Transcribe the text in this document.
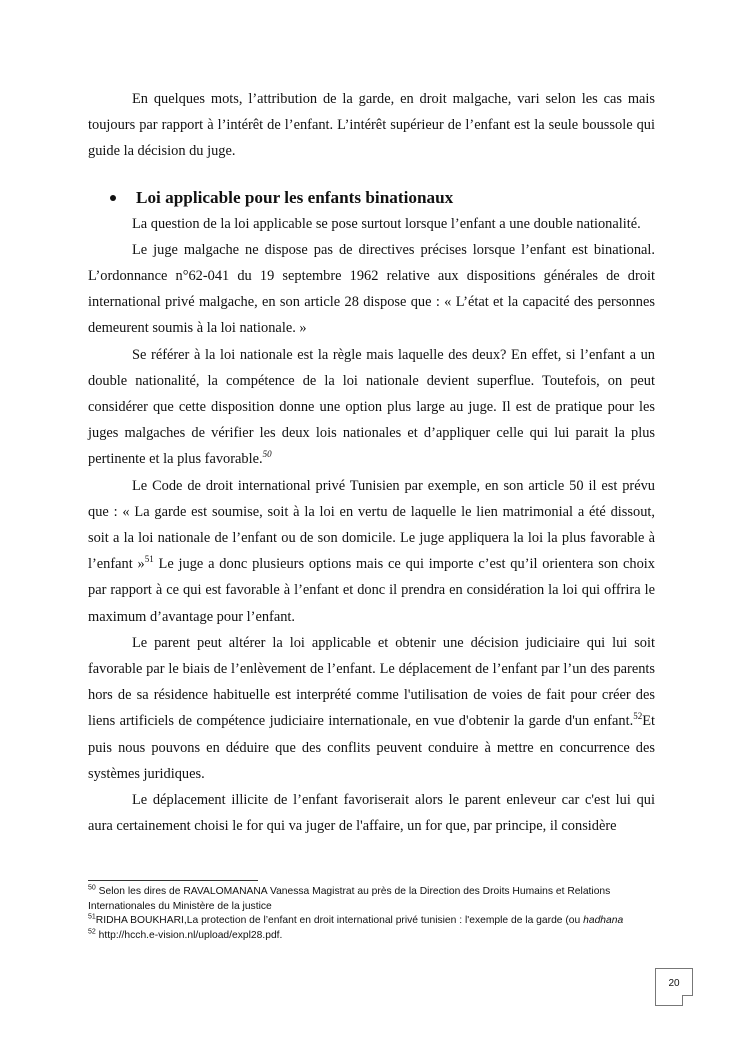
En quelques mots, l’attribution de la garde, en droit malgache, vari selon les cas mais toujours par rapport à l’intérêt de l’enfant. L’intérêt supérieur de l’enfant est la seule boussole qui guide la décision du juge.

Loi applicable pour les enfants binationaux

La question de la loi applicable se pose surtout lorsque l’enfant a une double nationalité.

Le juge malgache ne dispose pas de directives précises lorsque l’enfant est binational. L’ordonnance n°62-041 du 19 septembre 1962 relative aux dispositions générales de droit international privé malgache, en son article 28 dispose que : « L’état et la capacité des personnes demeurent soumis à la loi nationale. »

Se référer à la loi nationale est la règle mais laquelle des deux? En effet, si l’enfant a un double nationalité, la compétence de la loi nationale devient superflue. Toutefois, on peut considérer que cette disposition donne une option plus large au juge. Il est de pratique pour les juges malgaches de vérifier les deux lois nationales et d’appliquer celle qui lui parait la plus pertinente et la plus favorable.$^{50}$

Le Code de droit international privé Tunisien par exemple, en son article 50 il est prévu que : « La garde est soumise, soit à la loi en vertu de laquelle le lien matrimonial a été dissout, soit a la loi nationale de l’enfant ou de son domicile. Le juge appliquera la loi la plus favorable à l’enfant »$^{51}$ Le juge a donc plusieurs options mais ce qui importe c’est qu’il orientera son choix par rapport à ce qui est favorable à l’enfant et donc il prendra en considération la loi qui offrira le maximum d’avantage pour l’enfant.

Le parent peut altérer la loi applicable et obtenir une décision judiciaire qui lui soit favorable par le biais de l’enlèvement de l’enfant. Le déplacement de l’enfant par l’un des parents hors de sa résidence habituelle est interprété comme l'utilisation de voies de fait pour créer des liens artificiels de compétence judiciaire internationale, en vue d'obtenir la garde d'un enfant.$^{52}$Et puis nous pouvons en déduire que des conflits peuvent conduire à mettre en concurrence des systèmes juridiques.

Le déplacement illicite de l’enfant favoriserait alors le parent enleveur car c'est lui qui aura certainement choisi le for qui va juger de l'affaire, un for que, par principe, il considère

$^{50}$ Selon les dires de RAVALOMANANA Vanessa Magistrat au près de la Direction des Droits Humains et Relations Internationales du Ministère de la justice
$^{51}$RIDHA BOUKHARI,La protection de l’enfant en droit international privé tunisien : l'exemple de la garde (ou hadhana
$^{52}$ http://hcch.e-vision.nl/upload/expl28.pdf.
20
